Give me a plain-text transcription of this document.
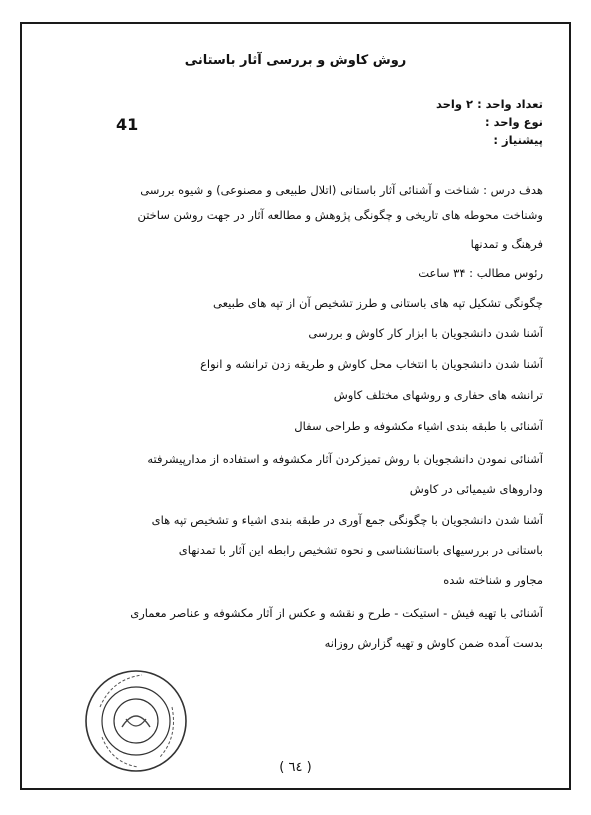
روش کاوش و بررسی آثار باستانی
تعداد واحد : ۲ واحد
نوع واحد :
پیشنیاز :
41
هدف درس : شناخت و آشنائی آثار باستانی (اتلال طبیعی و مصنوعی) و شیوه بررسی
وشناخت محوطه های تاریخی و چگونگی پژوهش و مطالعه آثار در جهت روشن ساختن
فرهنگ و تمدنها
رئوس مطالب : ۳۴ ساعت
چگونگی تشکیل تپه های باستانی و طرز تشخیص آن از تپه های طبیعی
آشنا شدن دانشجویان با ابزار کار کاوش و بررسی
آشنا شدن دانشجویان با انتخاب محل کاوش و طریقه زدن ترانشه و انواع
ترانشه های حفاری و روشهای مختلف کاوش
آشنائی با طبقه بندی اشیاء مکشوفه و طراحی سفال
آشنائی نمودن دانشجویان با روش تمیزکردن آثار مکشوفه و استفاده از مدارپیشرفته
وداروهای شیمیائی در کاوش
آشنا شدن دانشجویان با چگونگی جمع آوری در طبقه بندی اشیاء و تشخیص تپه های
باستانی در بررسیهای باستانشناسی و نحوه تشخیص رابطه این آثار با تمدنهای
مجاور و شناخته شده
آشنائی با تهیه فیش - استیکت - طرح و نقشه و عکس از آثار مکشوفه و عناصر معماری
بدست آمده ضمن کاوش و تهیه گزارش روزانه
( ٦٤ )
